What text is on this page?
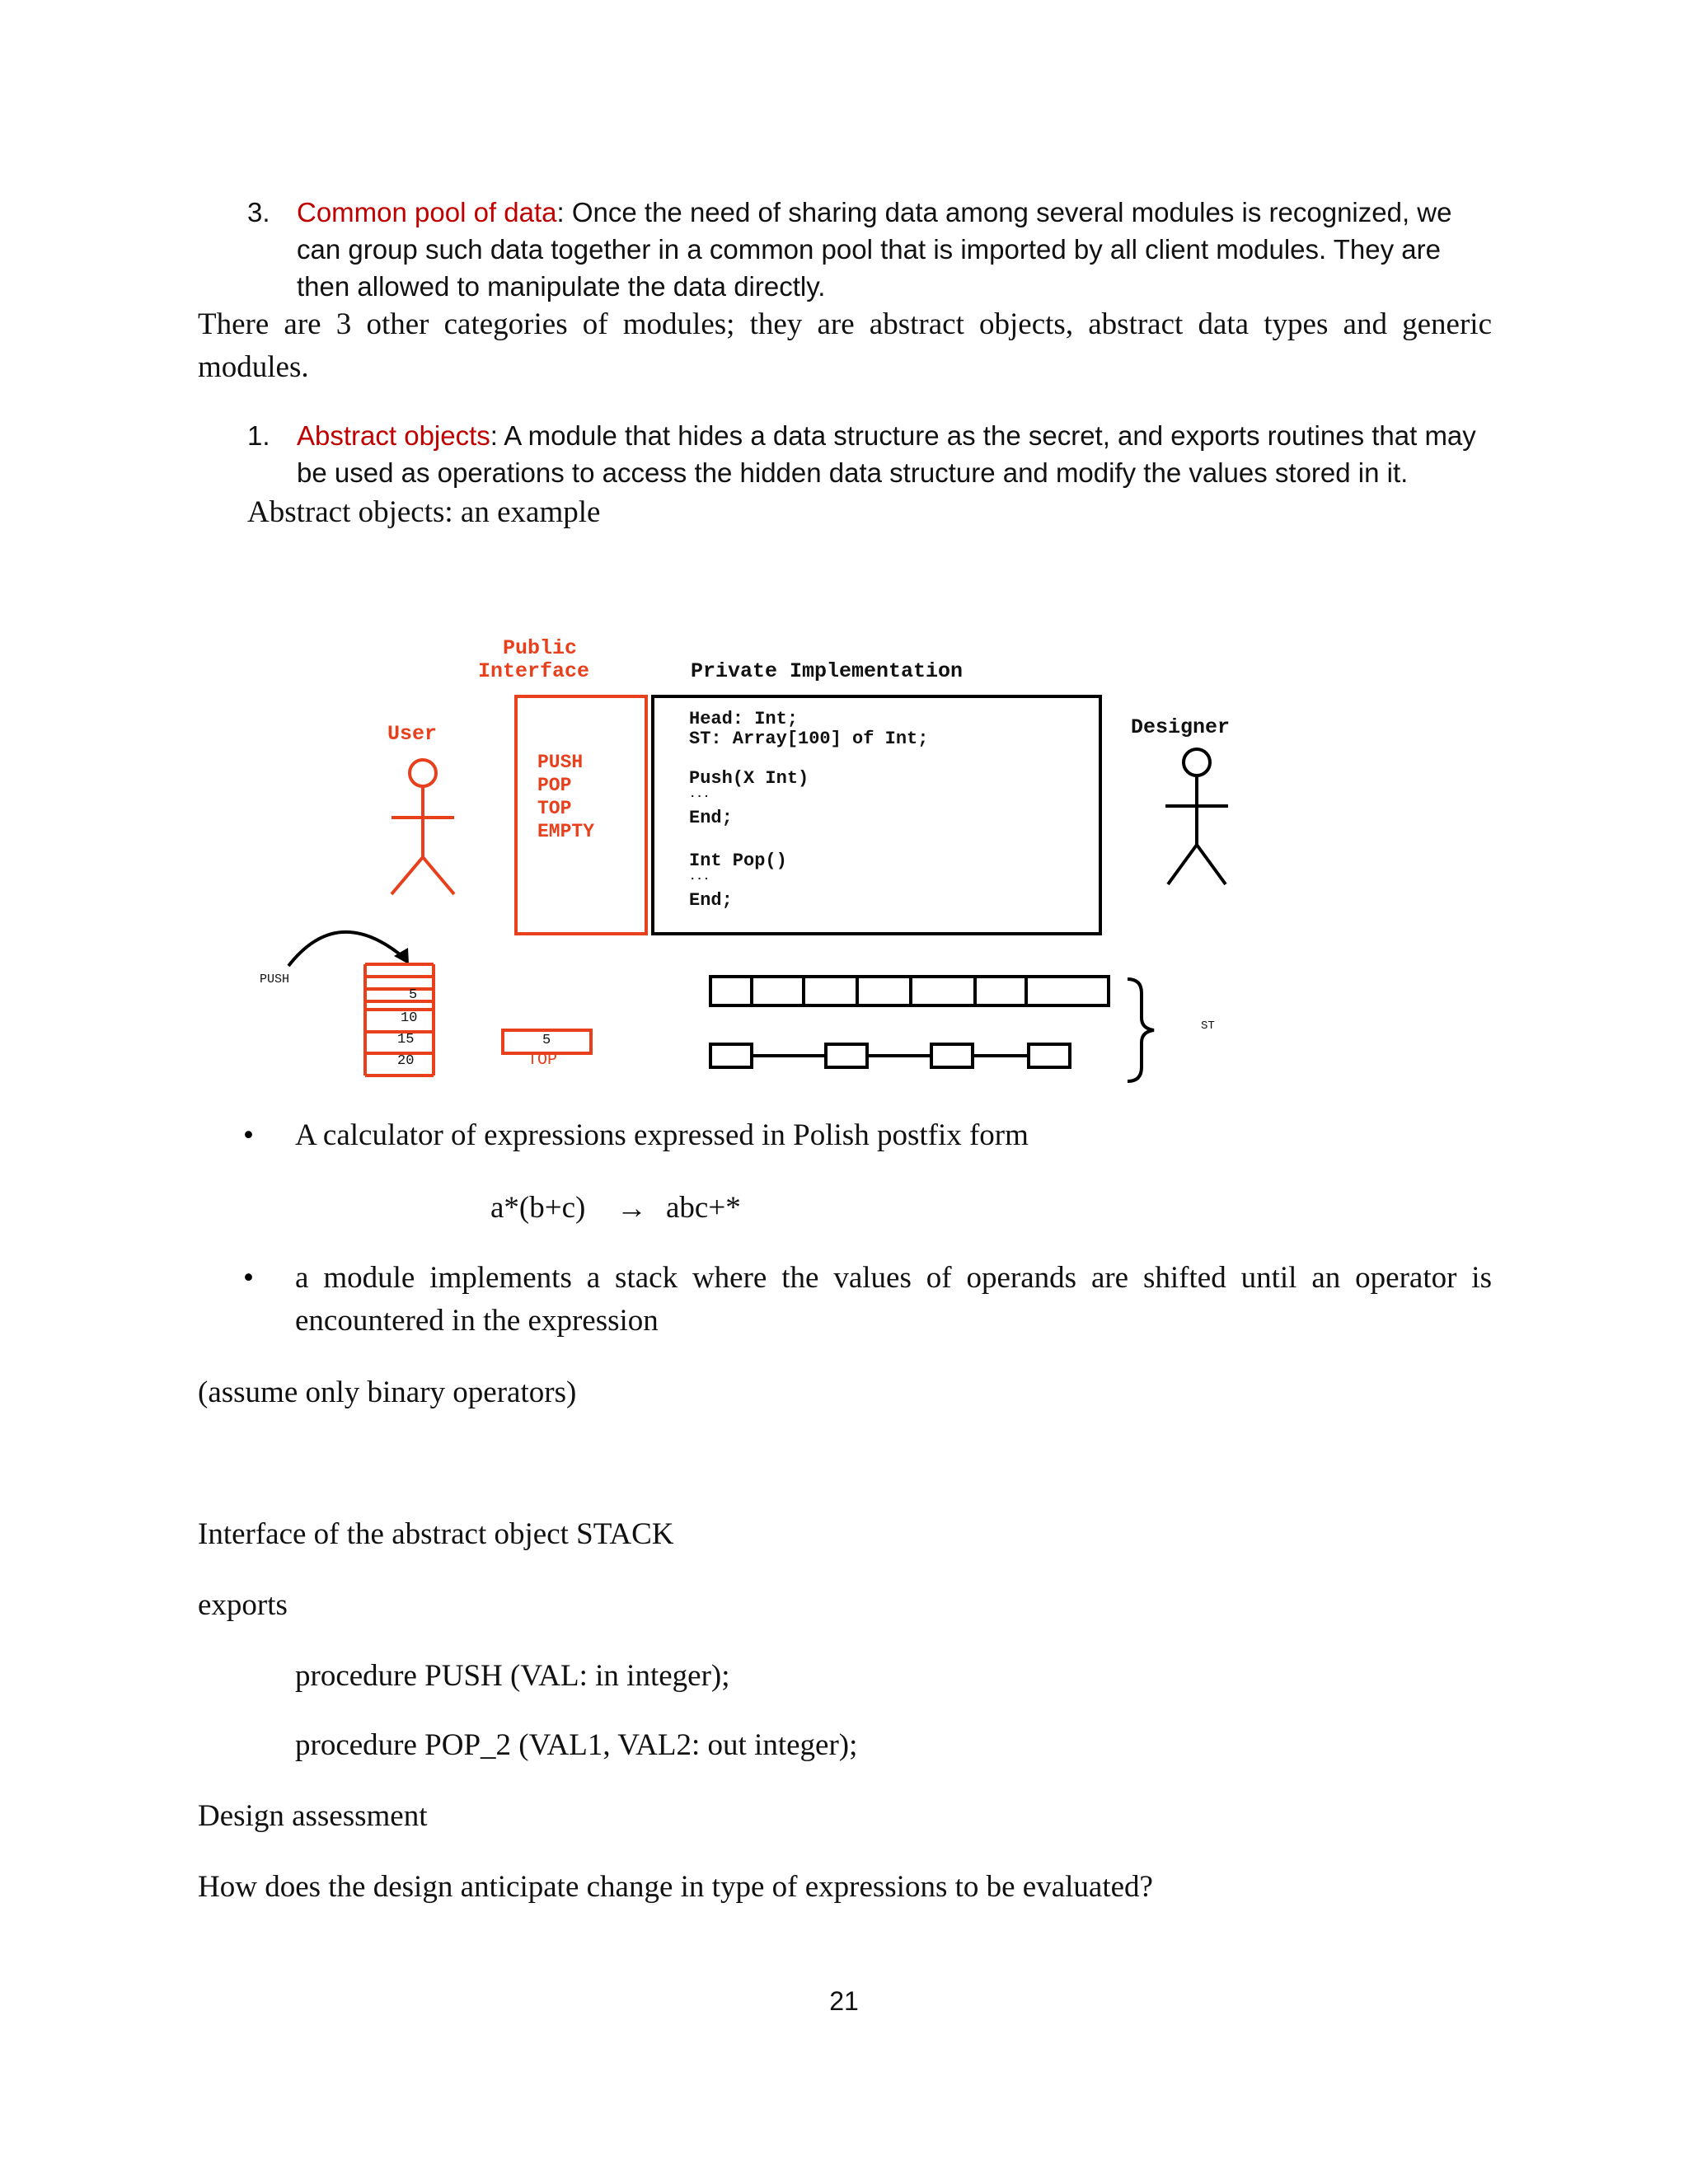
3. Common pool of data: Once the need of sharing data among several modules is recognized, we can group such data together in a common pool that is imported by all client modules. They are then allowed to manipulate the data directly.
There are 3 other categories of modules; they are abstract objects, abstract data types and generic modules.
1. Abstract objects: A module that hides a data structure as the secret, and exports routines that may be used as operations to access the hidden data structure and modify the values stored in it.
Abstract objects: an example
Public
Interface	Private Implementation
User	Designer
PUSH
POP
TOP
EMPTY
Head: Int;
ST: Array[100] of Int;
Push(X Int)
...
End;
Int Pop()
...
End;
PUSH
5
10
15
20
5
TOP
ST
• A calculator of expressions expressed in Polish postfix form
a*(b+c) → abc+*
• a module implements a stack where the values of operands are shifted until an operator is encountered in the expression
(assume only binary operators)
Interface of the abstract object STACK
exports
procedure PUSH (VAL: in integer);
procedure POP_2 (VAL1, VAL2: out integer);
Design assessment
How does the design anticipate change in type of expressions to be evaluated?
21
